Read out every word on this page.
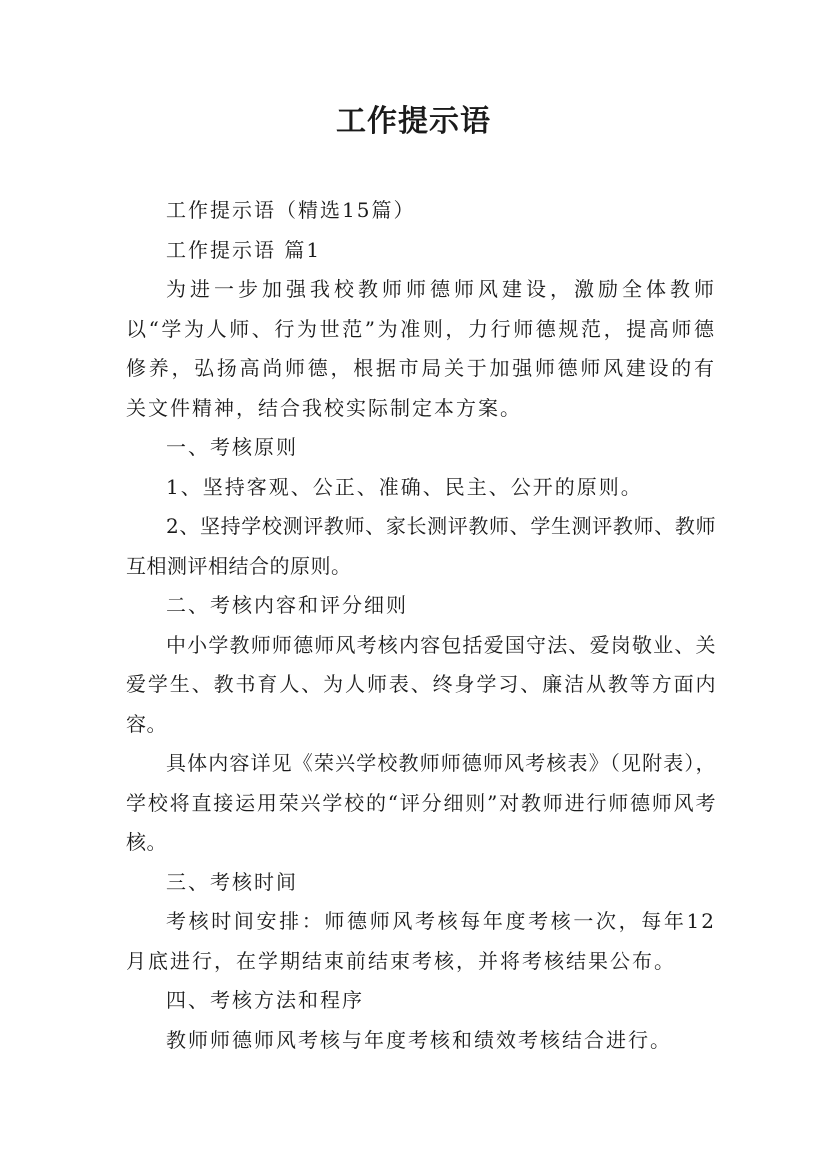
工作提示语

工作提示语（精选15篇）

工作提示语 篇1

为进一步加强我校教师师德师风建设，激励全体教师以“学为人师、行为世范”为准则，力行师德规范，提高师德修养，弘扬高尚师德，根据市局关于加强师德师风建设的有关文件精神，结合我校实际制定本方案。

一、考核原则

1、坚持客观、公正、准确、民主、公开的原则。

2、坚持学校测评教师、家长测评教师、学生测评教师、教师互相测评相结合的原则。

二、考核内容和评分细则

中小学教师师德师风考核内容包括爱国守法、爱岗敬业、关爱学生、教书育人、为人师表、终身学习、廉洁从教等方面内容。

具体内容详见《荣兴学校教师师德师风考核表》（见附表），学校将直接运用荣兴学校的“评分细则”对教师进行师德师风考核。

三、考核时间

考核时间安排：师德师风考核每年度考核一次，每年12月底进行，在学期结束前结束考核，并将考核结果公布。

四、考核方法和程序

教师师德师风考核与年度考核和绩效考核结合进行。
